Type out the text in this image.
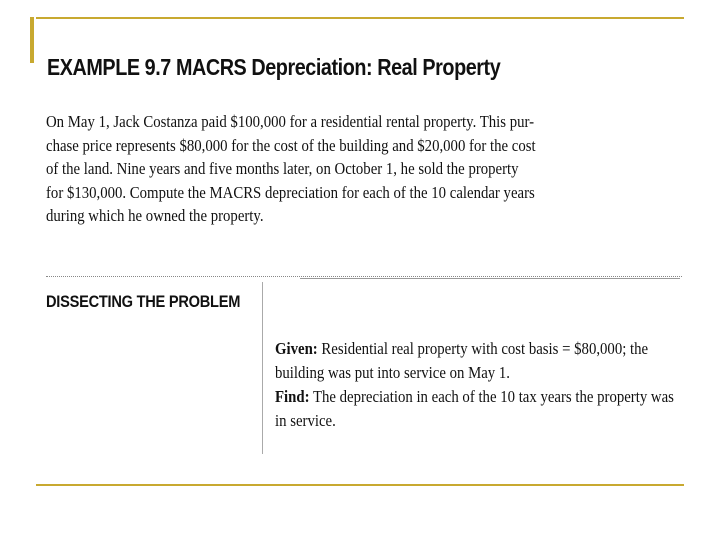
EXAMPLE 9.7 MACRS Depreciation: Real Property
On May 1, Jack Costanza paid $100,000 for a residential rental property. This pur-
chase price represents $80,000 for the cost of the building and $20,000 for the cost
of the land. Nine years and five months later, on October 1, he sold the property
for $130,000. Compute the MACRS depreciation for each of the 10 calendar years
during which he owned the property.
DISSECTING THE PROBLEM
Given: Residential real property with cost basis = $80,000; the
building was put into service on May 1.
Find: The depreciation in each of the 10 tax years the property was
in service.
